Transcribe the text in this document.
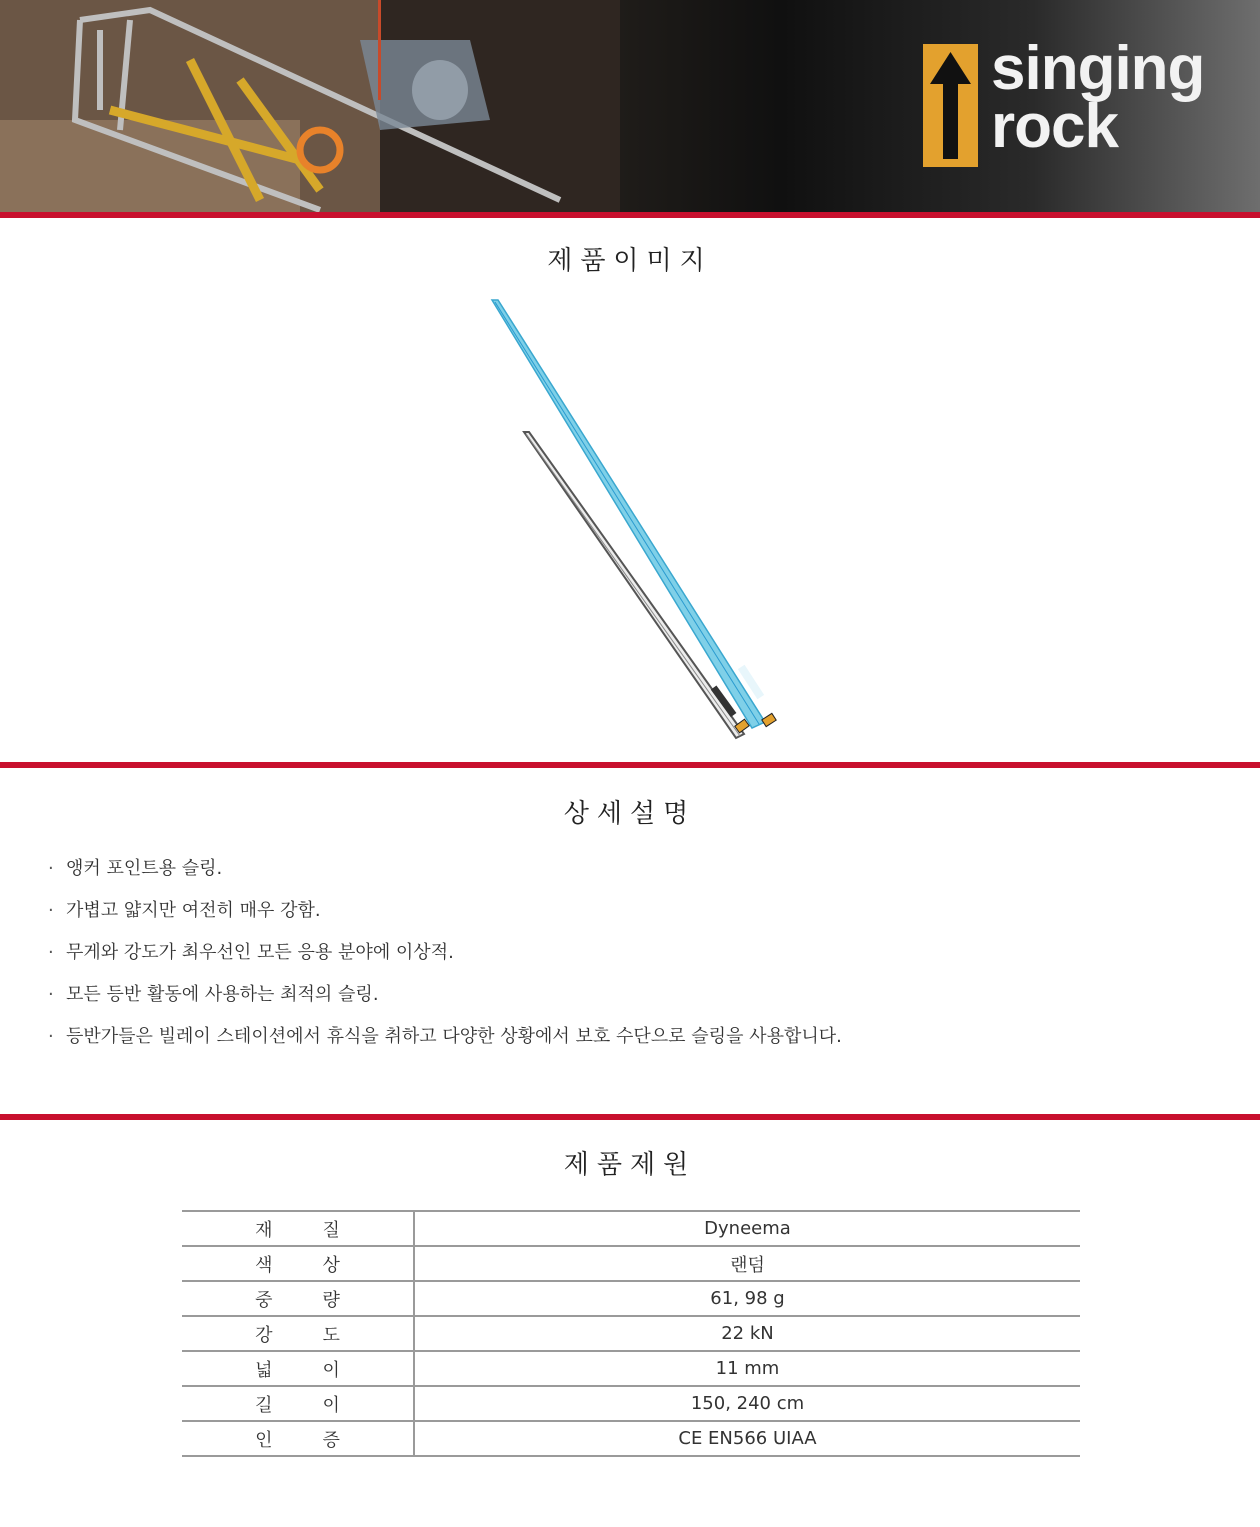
singing
rock
제품이미지
상세설명
· 앵커 포인트용 슬링.
· 가볍고 얇지만 여전히 매우 강함.
· 무게와 강도가 최우선인 모든 응용 분야에 이상적.
· 모든 등반 활동에 사용하는 최적의 슬링.
· 등반가들은 빌레이 스테이션에서 휴식을 취하고 다양한 상황에서 보호 수단으로 슬링을 사용합니다.
제품제원
재질	Dyneema
색상	랜덤
중량	61, 98 g
강도	22 kN
넓이	11 mm
길이	150, 240 cm
인증	CE EN566 UIAA
